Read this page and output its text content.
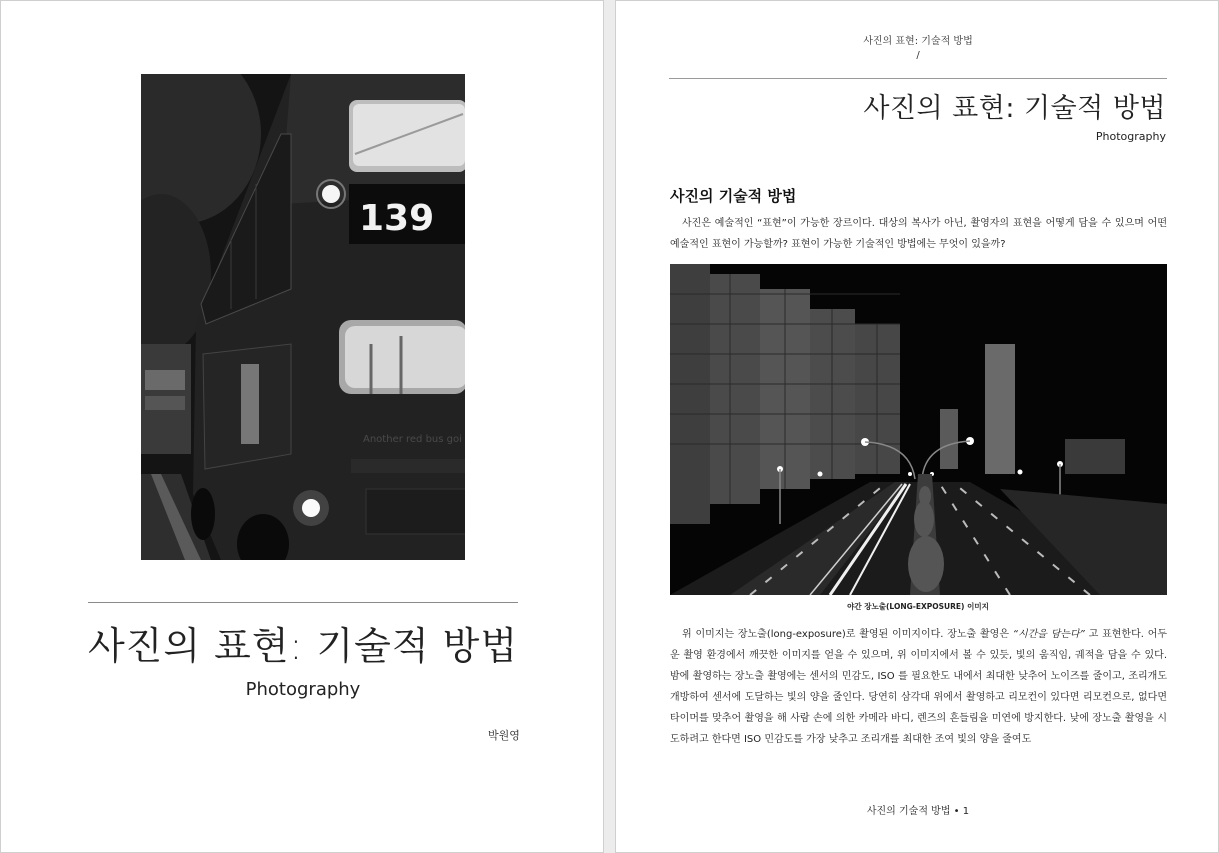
139
Another red bus goi
사진의 표현: 기술적 방법
Photography
박원영
사진의 표현: 기술적 방법
/
사진의 표현: 기술적 방법
Photography
사진의 기술적 방법

사진은 예술적인 “표현”이 가능한 장르이다. 대상의 복사가 아닌, 촬영자의 표현을 어떻게 담을 수 있으며 어떤 예술적인 표현이 가능할까? 표현이 가능한 기술적인 방법에는 무엇이 있을까?

야간 장노출(LONG-EXPOSURE) 이미지

위 이미지는 장노출(long-exposure)로 촬영된 이미지이다. 장노출 촬영은 “시간을 담는다” 고 표현한다. 어두운 촬영 환경에서 깨끗한 이미지를 얻을 수 있으며, 위 이미지에서 볼 수 있듯, 빛의 움직임, 궤적을 담을 수 있다. 밤에 촬영하는 장노출 촬영에는 센서의 민감도, ISO 를 필요한도 내에서 최대한 낮추어 노이즈를 줄이고, 조리개도 개방하여 센서에 도달하는 빛의 양을 줄인다. 당연히 삼각대 위에서 촬영하고 리모컨이 있다면 리모컨으로, 없다면 타이머를 맞추어 촬영을 해 사람 손에 의한 카메라 바디, 렌즈의 흔들림을 미연에 방지한다. 낮에 장노출 촬영을 시도하려고 한다면 ISO 민감도를 가장 낮추고 조리개를 최대한 조여 빛의 양을 줄여도

사진의 기술적 방법 • 1
